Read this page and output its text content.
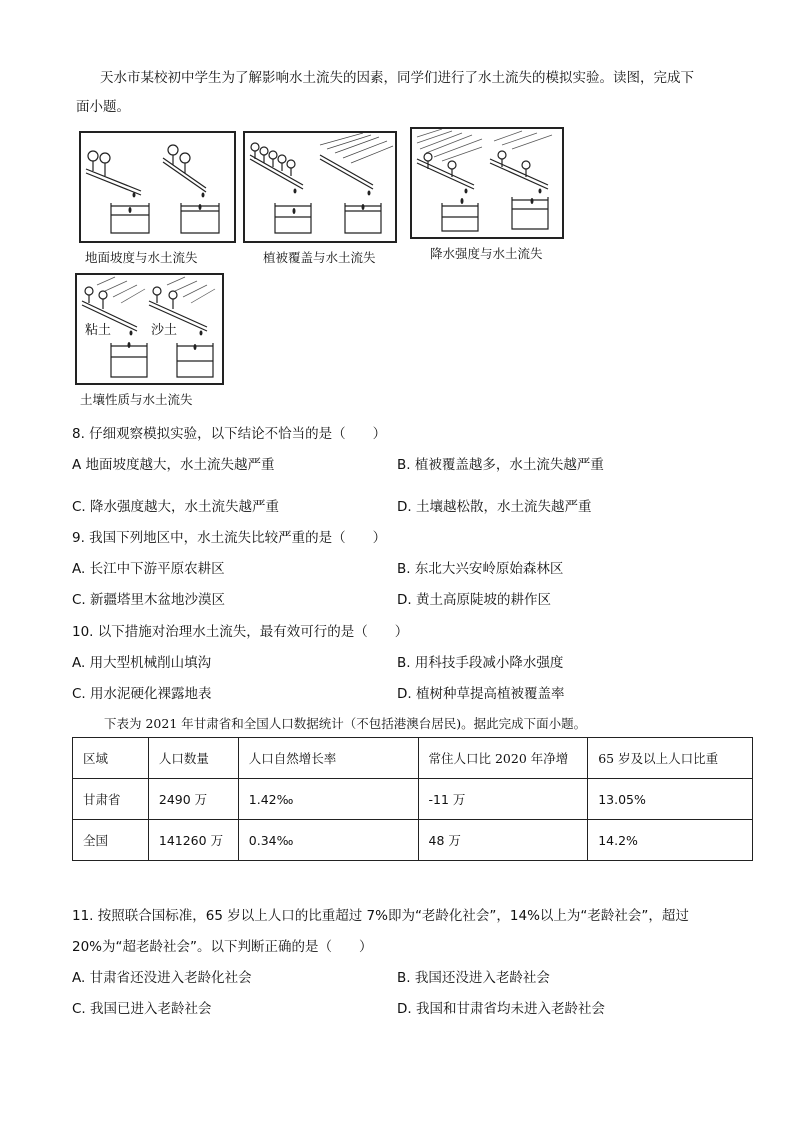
天水市某校初中学生为了解影响水土流失的因素，同学们进行了水土流失的模拟实验。读图，完成下
面小题。
地面坡度与水土流失	植被覆盖与水土流失	降水强度与水土流失
粘土	沙土
土壤性质与水土流失
8. 仔细观察模拟实验，以下结论不恰当的是（　　）
A 地面坡度越大，水土流失越严重	B. 植被覆盖越多，水土流失越严重
C. 降水强度越大，水土流失越严重	D. 土壤越松散，水土流失越严重
9. 我国下列地区中，水土流失比较严重的是（　　）
A. 长江中下游平原农耕区	B. 东北大兴安岭原始森林区
C. 新疆塔里木盆地沙漠区	D. 黄土高原陡坡的耕作区
10. 以下措施对治理水土流失，最有效可行的是（　　）
A. 用大型机械削山填沟	B. 用科技手段减小降水强度
C. 用水泥硬化裸露地表	D. 植树种草提高植被覆盖率
下表为 2021 年甘肃省和全国人口数据统计（不包括港澳台居民)。据此完成下面小题。
区域	人口数量	人口自然增长率	常住人口比 2020 年净增	65 岁及以上人口比重
甘肃省	2490 万	1.42‰	-11 万	13.05%
全国	141260 万	0.34‰	48 万	14.2%
11. 按照联合国标准，65 岁以上人口的比重超过 7%即为“老龄化社会”，14%以上为“老龄社会”，超过
20%为“超老龄社会”。以下判断正确的是（　　）
A. 甘肃省还没进入老龄化社会	B. 我国还没进入老龄社会
C. 我国已进入老龄社会	D. 我国和甘肃省均未进入老龄社会
